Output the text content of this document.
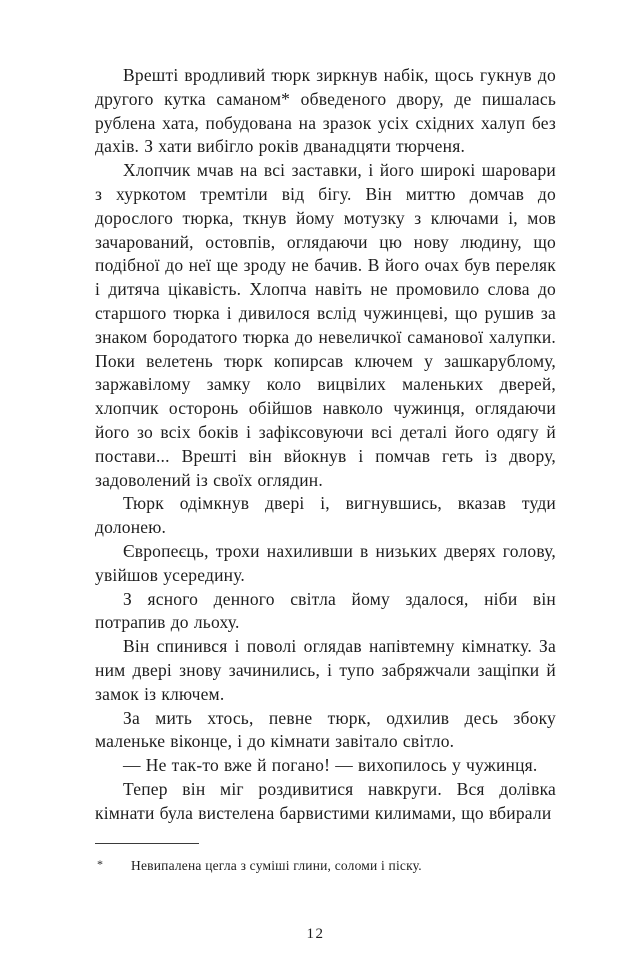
Врешті вродливий тюрк зиркнув набік, щось гукнув до другого кутка саманом* обведеного двору, де пишалась рублена хата, побудована на зразок усіх східних халуп без дахів. З хати вибігло років дванадцяти тюрченя.

Хлопчик мчав на всі заставки, і його широкі шаровари з хуркотом тремтіли від бігу. Він миттю домчав до дорослого тюрка, ткнув йому мотузку з ключами і, мов зачарований, остовпів, оглядаючи цю нову людину, що подібної до неї ще зроду не бачив. В його очах був переляк і дитяча цікавість. Хлопча навіть не промовило слова до старшого тюрка і дивилося вслід чужинцеві, що рушив за знаком бородатого тюрка до невеличкої саманової халупки. Поки велетень тюрк копирсав ключем у зашкарублому, заржавілому замку коло вицвілих маленьких дверей, хлопчик осторонь обійшов навколо чужинця, оглядаючи його зо всіх боків і зафіксовуючи всі деталі його одягу й постави... Врешті він вйокнув і помчав геть із двору, задоволений із своїх оглядин.

Тюрк одімкнув двері і, вигнувшись, вказав туди долонею.

Європеєць, трохи нахиливши в низьких дверях голову, увійшов усередину.

З ясного денного світла йому здалося, ніби він потрапив до льоху.

Він спинився і поволі оглядав напівтемну кімнатку. За ним двері знову зачинились, і тупо забряжчали защіпки й замок із ключем.

За мить хтось, певне тюрк, одхилив десь збоку маленьке віконце, і до кімнати завітало світло.

— Не так-то вже й погано! — вихопилось у чужинця.

Тепер він міг роздивитися навкруги. Вся долівка кімнати була вистелена барвистими килимами, що вбирали

*	Невипалена цегла з суміші глини, соломи і піску.
12
